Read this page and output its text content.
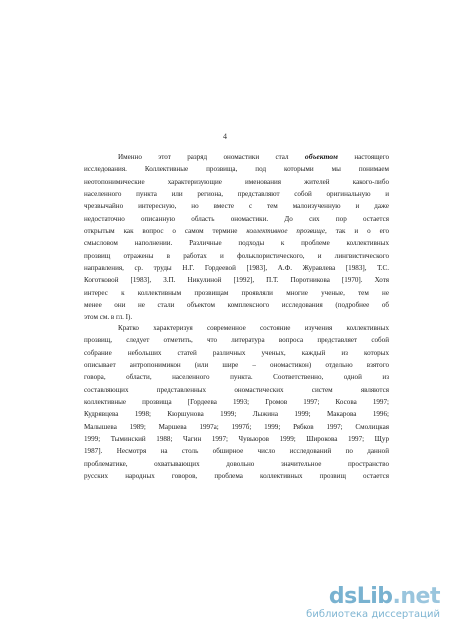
4
Именно этот разряд ономастики стал объектом настоящего
исследования. Коллективные прозвища, под которыми мы понимаем
неотопонимические характеризующие именования жителей какого-либо
населенного пункта или региона, представляют собой оригинальную и
чрезвычайно интересную, но вместе с тем малоизученную и даже
недостаточно описанную область ономастики. До сих пор остается
открытым как вопрос о самом термине коллективное прозвище, так и о его
смысловом наполнении. Различные подходы к проблеме коллективных
прозвищ отражены в работах и фольклористического, и лингвистического
направления, ср. труды Н.Г. Гордеевой [1983], А.Ф. Журавлева [1983], Т.С.
Коготковой [1983], З.П. Никулиной [1992], П.Т. Поротникова [1970]. Хотя
интерес к коллективным прозвищам проявляли многие ученые, тем не
менее они не стали объектом комплексного исследования (подробнее об
этом см. в гл. I).
Кратко характеризуя современное состояние изучения коллективных
прозвищ, следует отметить, что литература вопроса представляет собой
собрание небольших статей различных ученых, каждый из которых
описывает антропонимикон (или шире – ономастикон) отдельно взятого
говора, области, населенного пункта. Соответственно, одной из
составляющих представленных ономастических систем являются
коллективные прозвища [Гордеева 1993; Громов 1997; Косова 1997;
Кудрявцева 1998; Кюршунова 1999; Лыжина 1999; Макарова 1996;
Малышева 1989; Маршева 1997а; 1997б; 1999; Рябков 1997; Смолицкая
1999; Тыминский 1988; Чагин 1997; Чувьюров 1999; Широкова 1997; Щур
1987]. Несмотря на столь обширное число исследований по данной
проблематике, охватывающих довольно значительное пространство
русских народных говоров, проблема коллективных прозвищ остается
dsLib.net
библиотека диссертаций
